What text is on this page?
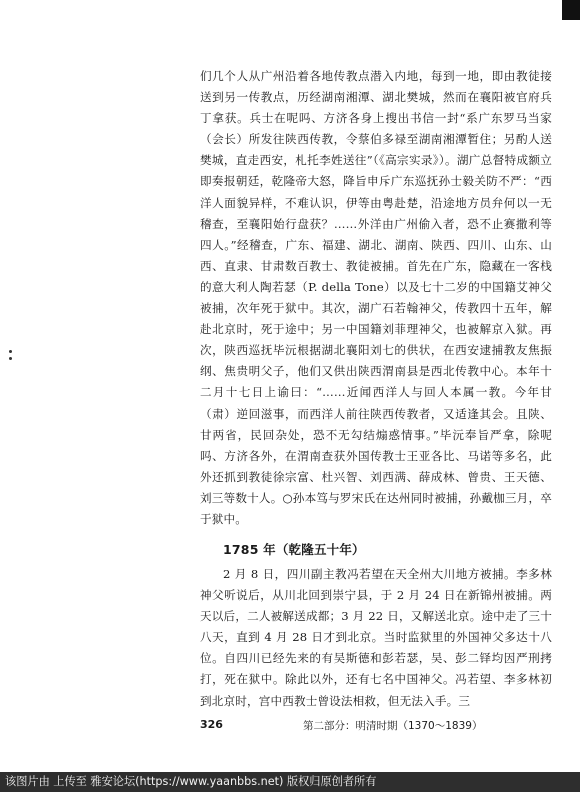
们几个人从广州沿着各地传教点潜入内地，每到一地，即由教徒接送到另一传教点，历经湖南湘潭、湖北樊城，然而在襄阳被官府兵丁拿获。兵士在呢吗、方济各身上搜出书信一封“系广东罗马当家（会长）所发往陕西传教，令蔡伯多禄至湖南湘潭暂住；另酌人送樊城，直走西安，札托李姓送往”（《高宗实录》）。湖广总督特成额立即奏报朝廷，乾隆帝大怒，降旨申斥广东巡抚孙士毅关防不严：“西洋人面貌异样，不难认识，伊等由粤赴楚，沿途地方员弁何以一无稽查，至襄阳始行盘获？……外洋由广州偷入者，恐不止赛撒利等四人。”经稽查，广东、福建、湖北、湖南、陕西、四川、山东、山西、直隶、甘肃数百教士、教徒被捕。首先在广东，隐藏在一客栈的意大利人陶若瑟（P. della Tone）以及七十二岁的中国籍艾神父被捕，次年死于狱中。其次，湖广石若翰神父，传教四十五年，解赴北京时，死于途中；另一中国籍刘菲理神父，也被解京入狱。再次，陕西巡抚毕沅根据湖北襄阳刘七的供状，在西安逮捕教友焦振纲、焦贵明父子，他们又供出陕西渭南县是西北传教中心。本年十二月十七日上谕曰：“……近闻西洋人与回人本属一教。今年甘（肃）逆回滋事，而西洋人前往陕西传教者，又适逢其会。且陕、甘两省，民回杂处，恐不无勾结煽惑情事。”毕沅奉旨严拿，除呢吗、方济各外，在渭南查获外国传教士王亚各比、马诺等多名，此外还抓到教徒徐宗富、杜兴智、刘西满、薛成林、曾贵、王天德、刘三等数十人。○孙本笃与罗宋氏在达州同时被捕，孙戴枷三月，卒于狱中。

1785 年（乾隆五十年）

2 月 8 日，四川副主教冯若望在天全州大川地方被捕。李多林神父听说后，从川北回到崇宁县，于 2 月 24 日在新锦州被捕。两天以后，二人被解送成都；3 月 22 日，又解送北京。途中走了三十八天，直到 4 月 28 日才到北京。当时监狱里的外国神父多达十八位。自四川已经先来的有吴斯德和彭若瑟，吴、彭二铎均因严刑拷打，死在狱中。除此以外，还有七名中国神父。冯若望、李多林初到北京时，宫中西教士曾设法相救，但无法入手。三

326	第二部分：明清时期（1370～1839）
该图片由 上传至 雅安论坛(https://www.yaanbbs.net) 版权归原创者所有
